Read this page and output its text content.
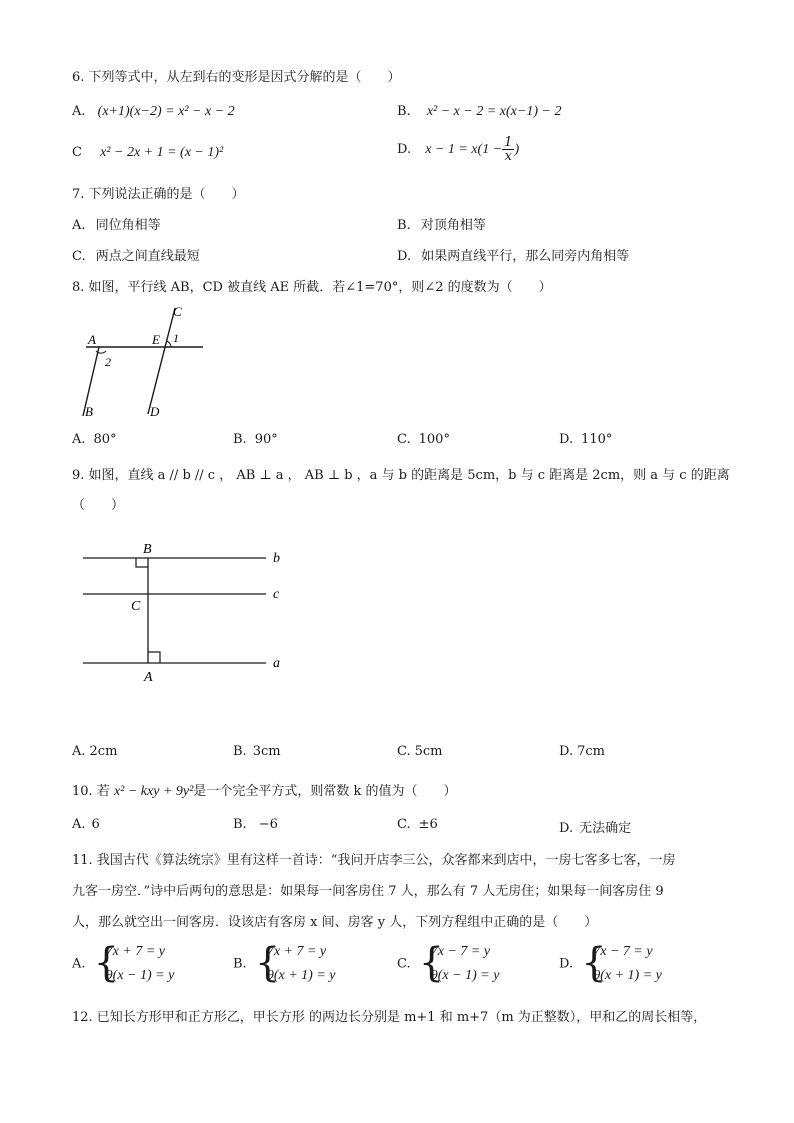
6. 下列等式中，从左到右的变形是因式分解的是（　　）
A. (x+1)(x−2) = x² − x − 2	B. x² − x − 2 = x(x−1) − 2
C x² − 2x + 1 = (x − 1)²	D. $x - 1 = x(1 - \frac{1}{x}$ )
7. 下列说法正确的是（　　）
A. 同位角相等	B. 对顶角相等
C. 两点之间直线最短	D. 如果两直线平行，那么同旁内角相等
8. 如图，平行线 AB，CD 被直线 AE 所截．若∠1=70°，则∠2 的度数为（　　）
A
B
C
D
E 1
2
A. 80°	B. 90°	C. 100°	D. 110°
9. 如图，直线 a // b // c ， AB ⊥ a ， AB ⊥ b ，a 与 b 的距离是 5cm，b 与 c 距离是 2cm，则 a 与 c 的距离
（　　）
B
C
A
b
c
a
A. 2cm	B. 3cm	C. 5cm	D. 7cm
10. 若 x² − kxy + 9y²是一个完全平方式，则常数 k 的值为（　　）
A. 6	B. −6	C. ±6	D. 无法确定
11. 我国古代《算法统宗》里有这样一首诗：“我问开店李三公，众客都来到店中，一房七客多七客，一房
九客一房空．”诗中后两句的意思是：如果每一间客房住 7 人，那么有 7 人无房住；如果每一间客房住 9
人，那么就空出一间客房．设该店有客房 x 间、房客 y 人，下列方程组中正确的是（　　）
A. {
7x + 7 = y
9(x − 1) = y
B. {
7x + 7 = y
9(x + 1) = y
C. {
7x − 7 = y
9(x − 1) = y
D. {
7x − 7 = y
9(x + 1) = y
12. 已知长方形甲和正方形乙，甲长方形 的两边长分别是 m+1 和 m+7（m 为正整数），甲和乙的周长相等，
